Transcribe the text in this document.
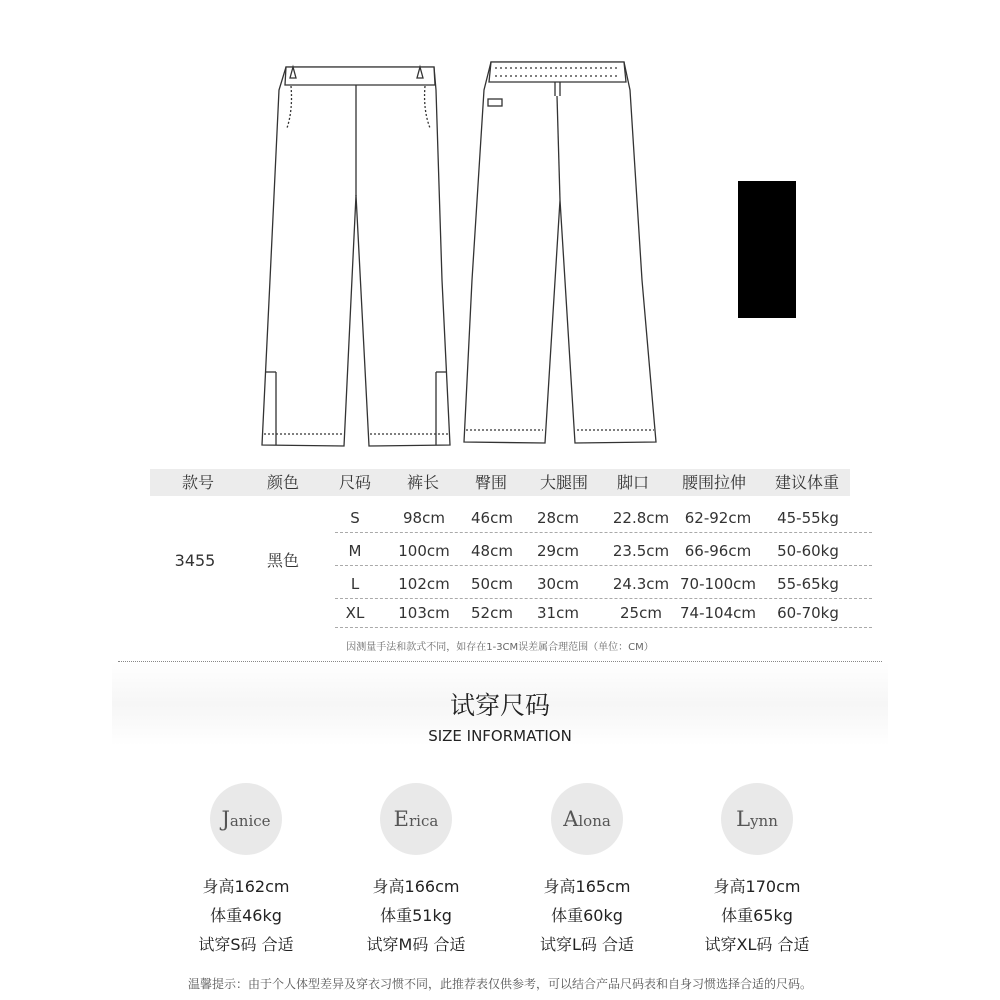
款号	颜色	尺码	裤长	臀围	大腿围	脚口	腰围拉伸	建议体重
3455	黑色
S	98cm	46cm	28cm	22.8cm	62-92cm	45-55kg
M	100cm	48cm	29cm	23.5cm	66-96cm	50-60kg
L	102cm	50cm	30cm	24.3cm 70-100cm	55-65kg
XL	103cm	52cm	31cm	25cm	74-104cm	60-70kg
因测量手法和款式不同，如存在1-3CM误差属合理范围（单位：CM）
试穿尺码
SIZE INFORMATION
Janice
身高162cm
体重46kg
试穿S码 合适
Erica
身高166cm
体重51kg
试穿M码 合适
Alona
身高165cm
体重60kg
试穿L码 合适
Lynn
身高170cm
体重65kg
试穿XL码 合适
温馨提示：由于个人体型差异及穿衣习惯不同，此推荐表仅供参考，可以结合产品尺码表和自身习惯选择合适的尺码。
